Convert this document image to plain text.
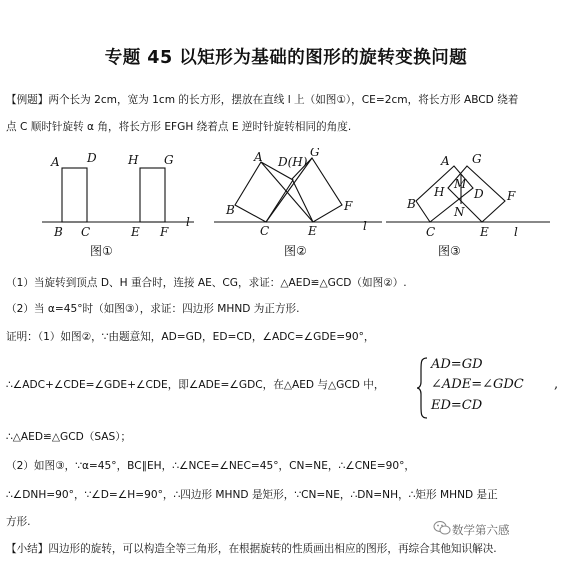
专题 45 以矩形为基础的图形的旋转变换问题
【例题】两个长为 2cm，宽为 1cm 的长方形，摆放在直线 l 上（如图①），CE=2cm，将长方形 ABCD 绕着
点 C 顺时针旋转 α 角，将长方形 EFGH 绕着点 E 逆时针旋转相同的角度.
A D	H G
B C	E F
l
图①
A D(H)
G
B
C	E
F
l
图②
A G
H
M
D
N
B
C	E
F
l
图③
（1）当旋转到顶点 D、H 重合时，连接 AE、CG，求证：△AED≌△GCD（如图②）.
（2）当 α=45°时（如图③），求证：四边形 MHND 为正方形.
证明：（1）如图②，∵由题意知，AD=GD，ED=CD，∠ADC=∠GDE=90°，
∴∠ADC+∠CDE=∠GDE+∠CDE，即∠ADE=∠GDC，在△AED 与△GCD 中，
AD=GD
∠ADE=∠GDC ,
ED=CD
∴△AED≌△GCD（SAS）；
（2）如图③，∵α=45°，BC∥EH，∴∠NCE=∠NEC=45°，CN=NE，∴∠CNE=90°，
∴∠DNH=90°，∵∠D=∠H=90°，∴四边形 MHND 是矩形，∵CN=NE，∴DN=NH，∴矩形 MHND 是正
方形.
【小结】四边形的旋转，可以构造全等三角形，在根据旋转的性质画出相应的图形，再综合其他知识解决.
数学第六感
